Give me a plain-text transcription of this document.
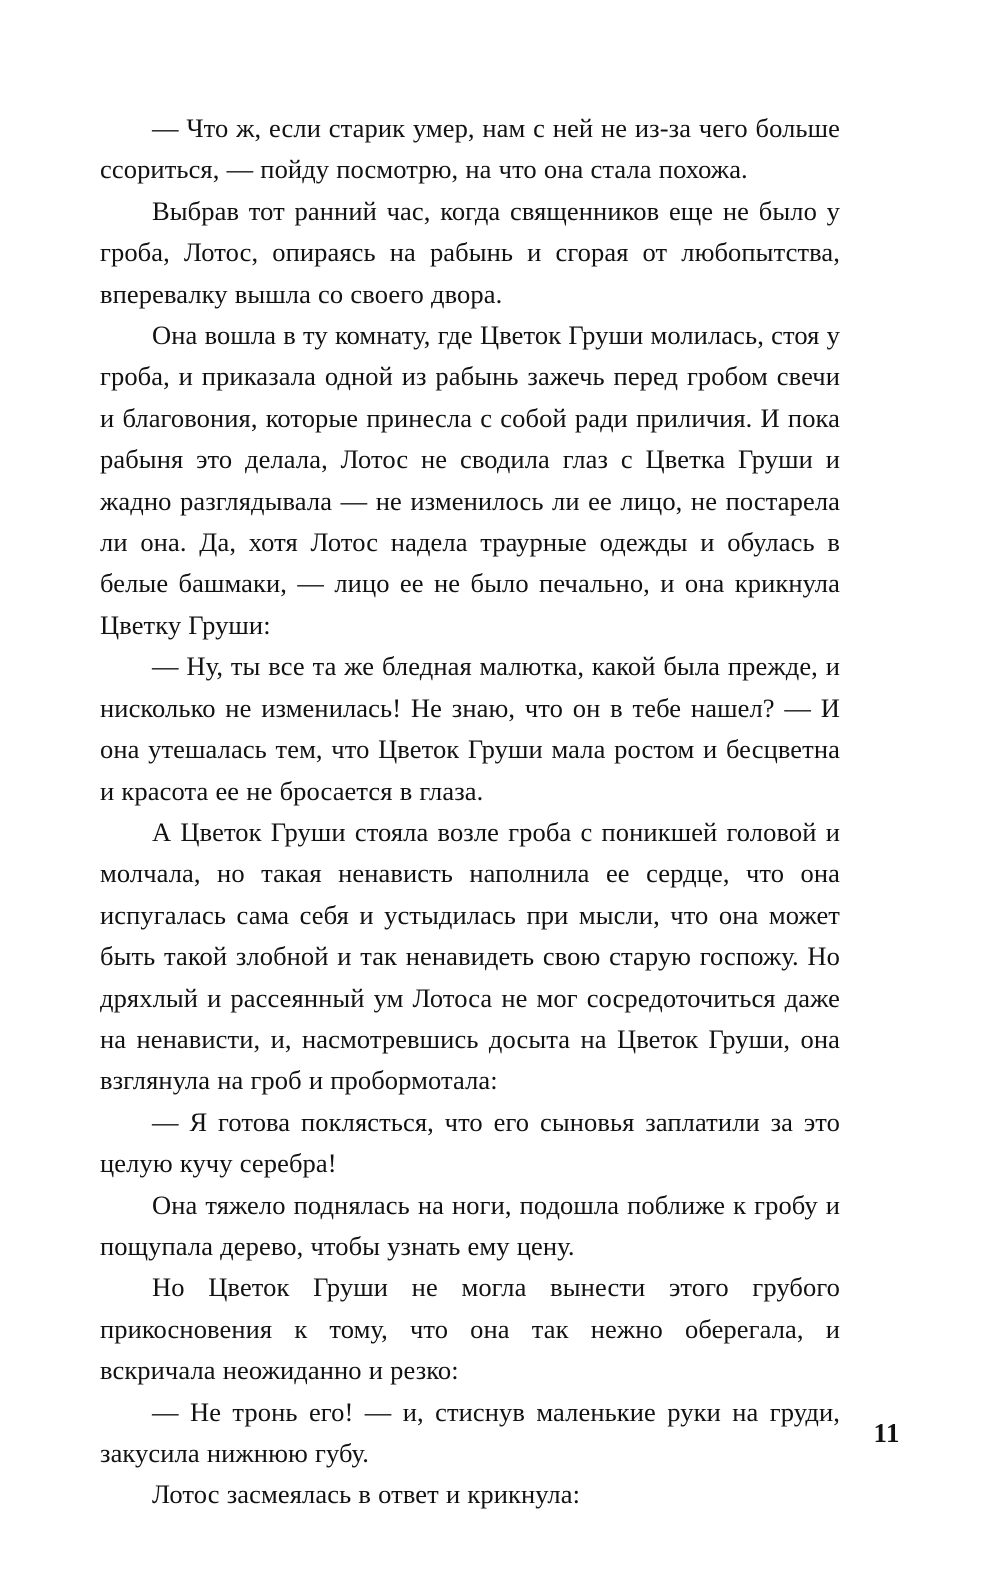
— Что ж, если старик умер, нам с ней не из-за чего больше ссориться, — пойду посмотрю, на что она стала похожа.

Выбрав тот ранний час, когда священников еще не было у гроба, Лотос, опираясь на рабынь и сгорая от любопытства, вперевалку вышла со своего двора.

Она вошла в ту комнату, где Цветок Груши молилась, стоя у гроба, и приказала одной из рабынь зажечь перед гробом свечи и благовония, которые принесла с собой ради приличия. И пока рабыня это делала, Лотос не сводила глаз с Цветка Груши и жадно разглядывала — не изменилось ли ее лицо, не постарела ли она. Да, хотя Лотос надела траурные одежды и обулась в белые башмаки, — лицо ее не было печально, и она крикнула Цветку Груши:

— Ну, ты все та же бледная малютка, какой была прежде, и нисколько не изменилась! Не знаю, что он в тебе нашел? — И она утешалась тем, что Цветок Груши мала ростом и бесцветна и красота ее не бросается в глаза.

А Цветок Груши стояла возле гроба с поникшей головой и молчала, но такая ненависть наполнила ее сердце, что она испугалась сама себя и устыдилась при мысли, что она может быть такой злобной и так ненавидеть свою старую госпожу. Но дряхлый и рассеянный ум Лотоса не мог сосредоточиться даже на ненависти, и, насмотревшись досыта на Цветок Груши, она взглянула на гроб и пробормотала:

— Я готова поклясться, что его сыновья заплатили за это целую кучу серебра!

Она тяжело поднялась на ноги, подошла поближе к гробу и пощупала дерево, чтобы узнать ему цену.

Но Цветок Груши не могла вынести этого грубого прикосновения к тому, что она так нежно оберегала, и вскричала неожиданно и резко:

— Не тронь его! — и, стиснув маленькие руки на груди, закусила нижнюю губу.

Лотос засмеялась в ответ и крикнула:

11
